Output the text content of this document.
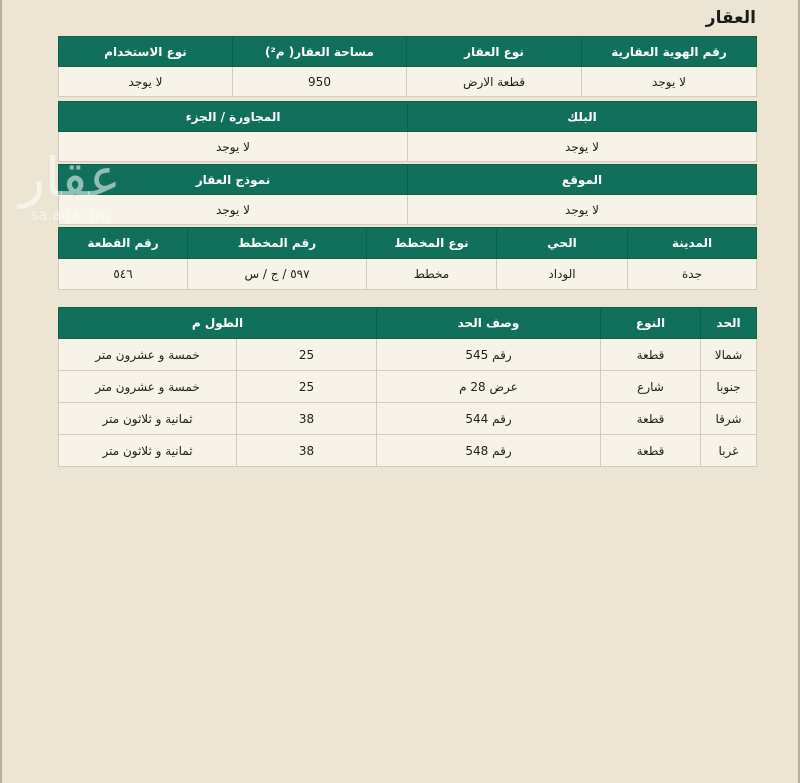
العقار
رقم الهوية العقارية	نوع العقار	مساحة العقار( م²)	نوع الاستخدام
لا يوجد	قطعة الارض	950	لا يوجد
البلك	المجاورة / الجزء
لا يوجد	لا يوجد
الموقع	نموذج العقار
لا يوجد	لا يوجد
المدينة	الحي	نوع المخطط	رقم المخطط	رقم القطعة
جدة	الوداد	مخطط	٥٩٧ / ج / س	٥٤٦
الحد	النوع	وصف الحد	الطول م	
شمالا	قطعة	رقم 545	25	خمسة و عشرون متر
جنوبا	شارع	عرض 28 م	25	خمسة و عشرون متر
شرقا	قطعة	رقم 544	38	ثمانية و ثلاثون متر
غربا	قطعة	رقم 548	38	ثمانية و ثلاثون متر
عقار
sa.aqar.fm
